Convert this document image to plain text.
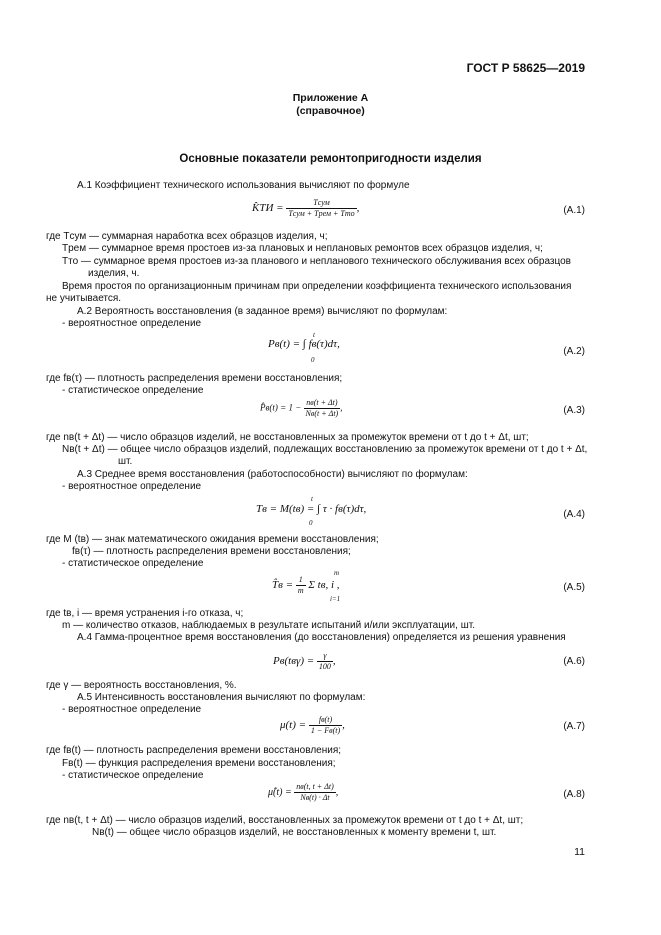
ГОСТ Р 58625—2019
Приложение А
(справочное)
Основные показатели ремонтопригодности изделия
А.1 Коэффициент технического использования вычисляют по формуле
K̂ТИ = $\frac{\text{Tсум}}{\text{Tсум + Tрем + Tто}}$ ,	(А.1)
где Tсум — суммарная наработка всех образцов изделия, ч;
Tрем — суммарное время простоев из-за плановых и неплановых ремонтов всех образцов изделия, ч;
Tто — суммарное время простоев из-за планового и непланового технического обслуживания всех образцов
изделия, ч.
Время простоя по организационным причинам при определении коэффициента технического использования
не учитывается.
А.2 Вероятность восстановления (в заданное время) вычисляют по формулам:
- вероятностное определение
t
Pв(t) = ∫ fв(τ)dτ,
0
(А.2)
где fв(τ) — плотность распределения времени восстановления;
- статистическое определение
P̂в(t) = $1 - \frac{nв(t + \Delta t)}{Nв(t + \Delta t)}$ ,	(А.3)
где nв(t + Δt) — число образцов изделий, не восстановленных за промежуток времени от t до t + Δt, шт;
Nв(t + Δt) — общее число образцов изделий, подлежащих восстановлению за промежуток времени от t до t + Δt,
шт.
А.3 Среднее время восстановления (работоспособности) вычисляют по формулам:
- вероятностное определение
t
Tв = M(tв) = ∫ τ · fв(τ)dτ,
0
(А.4)
где M (tв) — знак математического ожидания времени восстановления;
fв(τ) — плотность распределения времени восстановления;
- статистическое определение
T̂в = $\frac{1}{m}$

m
Σ tв, i ,
i=1
(А.5)
где tв, i — время устранения i-го отказа, ч;
m — количество отказов, наблюдаемых в результате испытаний и/или эксплуатации, шт.
А.4 Гамма-процентное время восстановления (до восстановления) определяется из решения уравнения
$Pв(tв\gamma) = \frac{\gamma}{100}$ ,	(А.6)
где γ — вероятность восстановления, %.
А.5 Интенсивность восстановления вычисляют по формулам:
- вероятностное определение
$\mu(t) = \frac{fв(t)}{1 - Fв(t)}$ ,	(А.7)
где fв(t) — плотность распределения времени восстановления;
Fв(t) — функция распределения времени восстановления;
- статистическое определение
μ̂(t) = $\frac{nв(t, t + \Delta t)}{Nв(t) \cdot \Delta t}$ ,	(А.8)
где nв(t, t + Δt) — число образцов изделий, восстановленных за промежуток времени от t до t + Δt, шт;
Nв(t) — общее число образцов изделий, не восстановленных к моменту времени t, шт.
11
